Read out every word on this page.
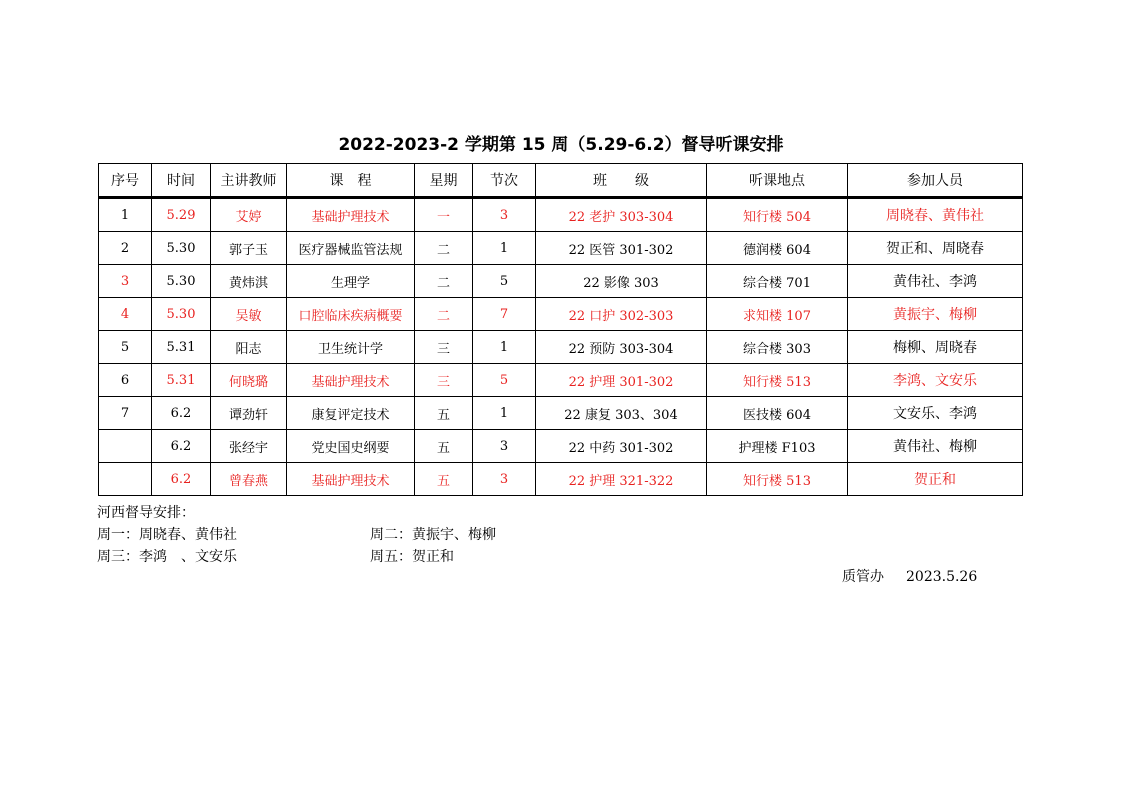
2022-2023-2 学期第 15 周（5.29-6.2）督导听课安排
序号	时间	主讲教师	课　程	星期	节次	班　　级	听课地点	参加人员
1	5.29	艾婷	基础护理技术	一	3	22 老护 303-304	知行楼 504	周晓春、黄伟社
2	5.30	郭子玉	医疗器械监管法规	二	1	22 医管 301-302	德润楼 604	贺正和、周晓春
3	5.30	黄炜淇	生理学	二	5	22 影像 303	综合楼 701	黄伟社、李鸿
4	5.30	吴敏	口腔临床疾病概要	二	7	22 口护 302-303	求知楼 107	黄振宇、梅柳
5	5.31	阳志	卫生统计学	三	1	22 预防 303-304	综合楼 303	梅柳、周晓春
6	5.31	何晓璐	基础护理技术	三	5	22 护理 301-302	知行楼 513	李鸿、文安乐
7	6.2	谭劲轩	康复评定技术	五	1	22 康复 303、304	医技楼 604	文安乐、李鸿
	6.2	张经宇	党史国史纲要	五	3	22 中药 301-302	护理楼 F103	黄伟社、梅柳
	6.2	曾春燕	基础护理技术	五	3	22 护理 321-322	知行楼 513	贺正和
河西督导安排：
周一：周晓春、黄伟社	周二：黄振宇、梅柳
周三：李鸿　、文安乐	周五：贺正和
质管办 2023.5.26
